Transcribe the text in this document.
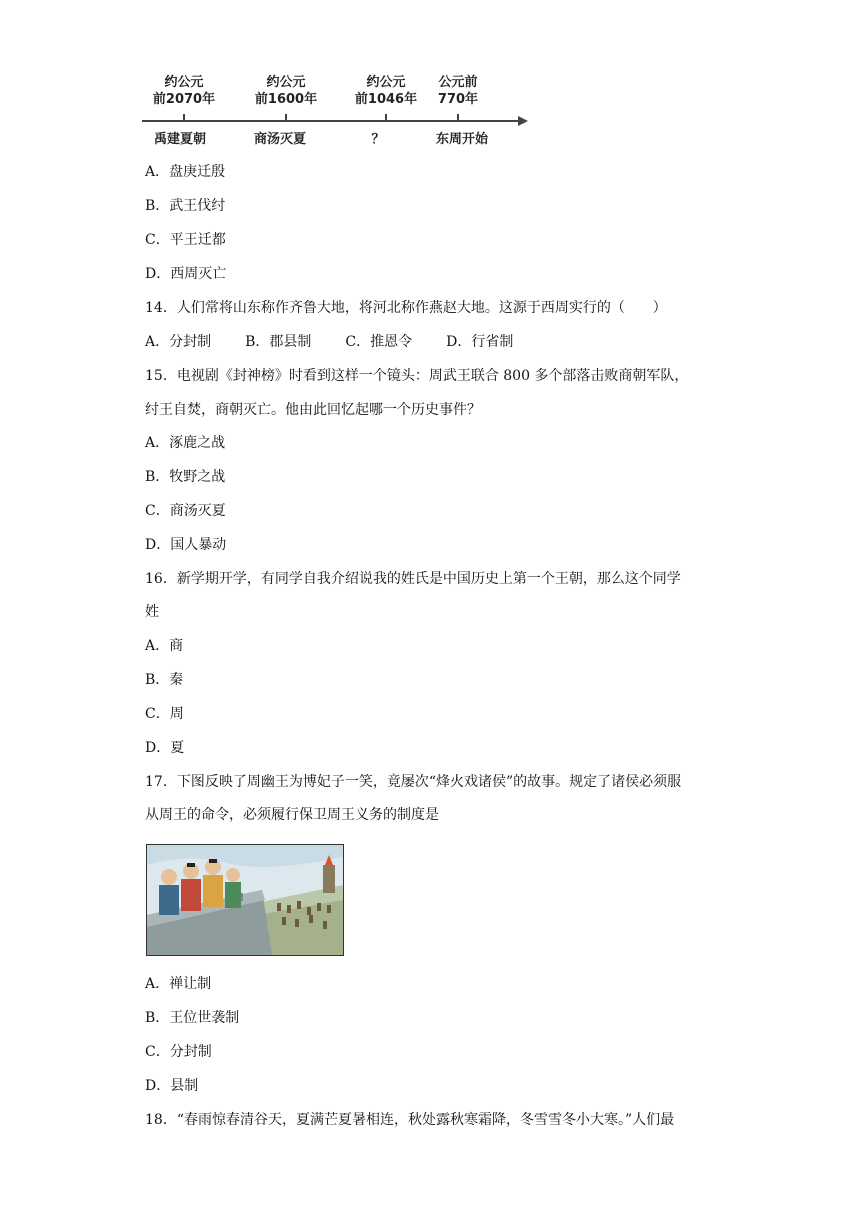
约公元
前2070年
约公元
前1600年
约公元
前1046年
公元前
770年
禹建夏朝	商汤灭夏	？	东周开始
A．盘庚迁殷
B．武王伐纣
C．平王迁都
D．西周灭亡
14．人们常将山东称作齐鲁大地，将河北称作燕赵大地。这源于西周实行的（　　）
A．分封制 B．郡县制 C．推恩令 D．行省制
15．电视剧《封神榜》时看到这样一个镜头：周武王联合 800 多个部落击败商朝军队，
纣王自焚，商朝灭亡。他由此回忆起哪一个历史事件？
A．涿鹿之战
B．牧野之战
C．商汤灭夏
D．国人暴动
16．新学期开学，有同学自我介绍说我的姓氏是中国历史上第一个王朝，那么这个同学
姓
A．商
B．秦
C．周
D．夏
17．下图反映了周幽王为博妃子一笑，竟屡次“烽火戏诸侯”的故事。规定了诸侯必须服
从周王的命令，必须履行保卫周王义务的制度是
A．禅让制
B．王位世袭制
C．分封制
D．县制
18．“春雨惊春清谷天，夏满芒夏暑相连，秋处露秋寒霜降，冬雪雪冬小大寒。”人们最
